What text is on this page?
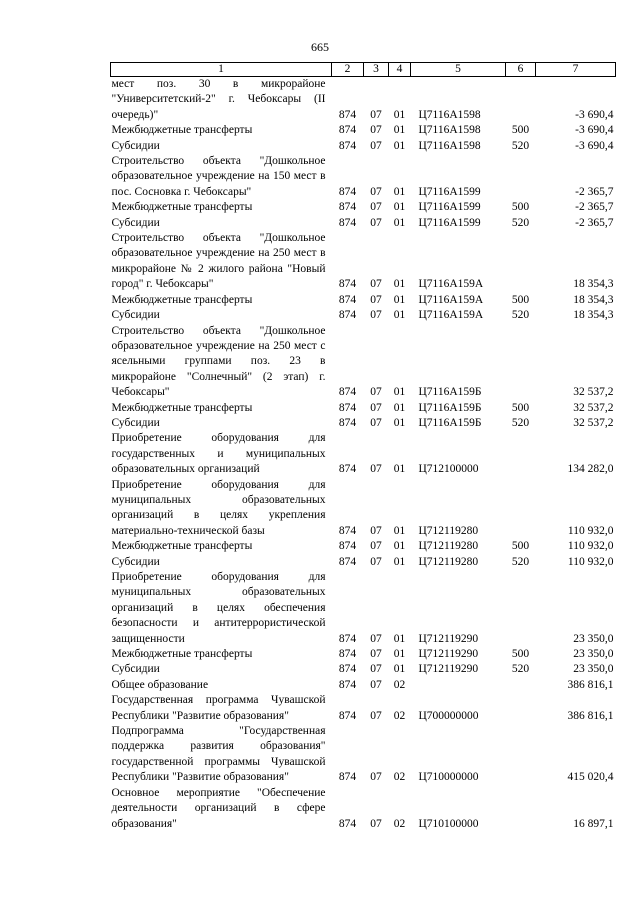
665
1	2	3	4	5	6	7
мест поз. 30 в микрорайоне "Университетский-2" г. Чебоксары (II очередь)"	874	07	01	Ц7116А1598		-3 690,4
Межбюджетные трансферты	874	07	01	Ц7116А1598	500	-3 690,4
Субсидии	874	07	01	Ц7116А1598	520	-3 690,4
Строительство объекта "Дошкольное образовательное учреждение на 150 мест в пос. Сосновка г. Чебоксары"	874	07	01	Ц7116А1599		-2 365,7
Межбюджетные трансферты	874	07	01	Ц7116А1599	500	-2 365,7
Субсидии	874	07	01	Ц7116А1599	520	-2 365,7
Строительство объекта "Дошкольное образовательное учреждение на 250 мест в микрорайоне № 2 жилого района "Новый город" г. Чебоксары"	874	07	01	Ц7116А159А		18 354,3
Межбюджетные трансферты	874	07	01	Ц7116А159А	500	18 354,3
Субсидии	874	07	01	Ц7116А159А	520	18 354,3
Строительство объекта "Дошкольное образовательное учреждение на 250 мест с ясельными группами поз. 23 в микрорайоне "Солнечный" (2 этап) г. Чебоксары"	874	07	01	Ц7116А159Б		32 537,2
Межбюджетные трансферты	874	07	01	Ц7116А159Б	500	32 537,2
Субсидии	874	07	01	Ц7116А159Б	520	32 537,2
Приобретение оборудования для государственных и муниципальных образовательных организаций	874	07	01	Ц712100000		134 282,0
Приобретение оборудования для муниципальных образовательных организаций в целях укрепления материально-технической базы	874	07	01	Ц712119280		110 932,0
Межбюджетные трансферты	874	07	01	Ц712119280	500	110 932,0
Субсидии	874	07	01	Ц712119280	520	110 932,0
Приобретение оборудования для муниципальных образовательных организаций в целях обеспечения безопасности и антитеррористической защищенности	874	07	01	Ц712119290		23 350,0
Межбюджетные трансферты	874	07	01	Ц712119290	500	23 350,0
Субсидии	874	07	01	Ц712119290	520	23 350,0
Общее образование	874	07	02			386 816,1
Государственная программа Чувашской Республики "Развитие образования"	874	07	02	Ц700000000		386 816,1
Подпрограмма "Государственная поддержка развития образования" государственной программы Чувашской Республики "Развитие образования"	874	07	02	Ц710000000		415 020,4
Основное мероприятие "Обеспечение деятельности организаций в сфере образования"	874	07	02	Ц710100000		16 897,1
